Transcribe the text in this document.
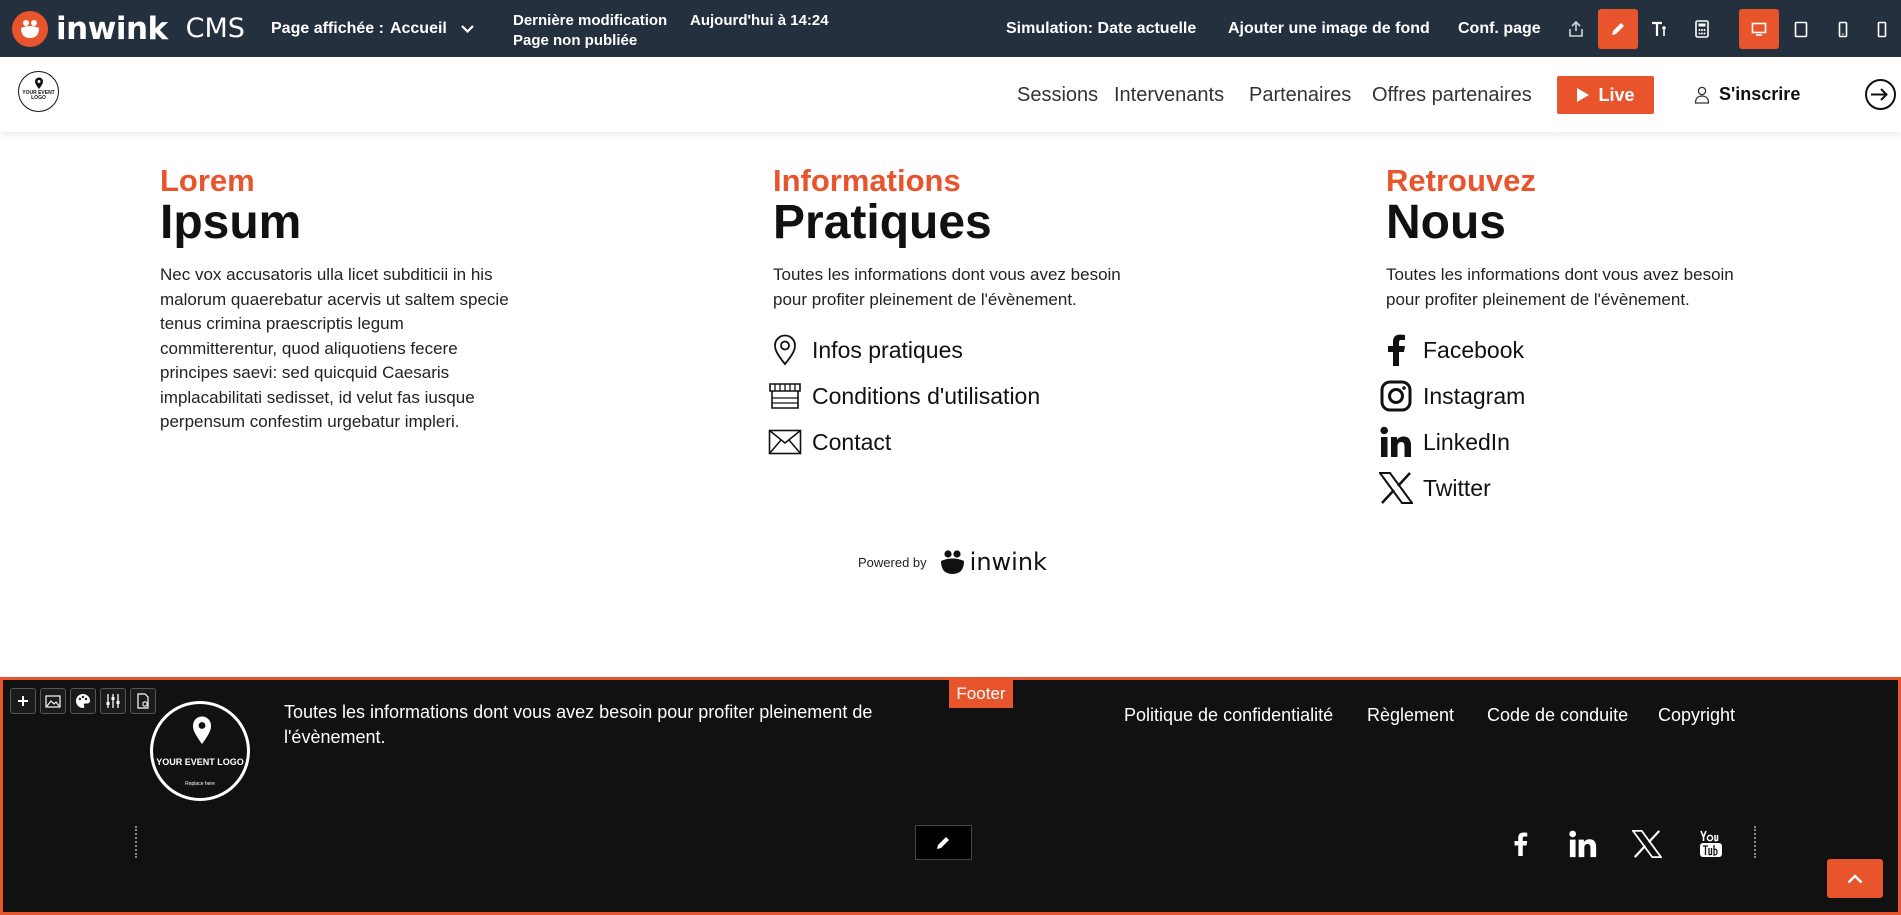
inwink CMS Page affichée : Accueil	Dernière modification Aujourd'hui à 14:24
Page non publiée
Simulation: Date actuelle Ajouter une image de fond Conf. page
YOUR EVENT LOGO	Sessions Intervenants Partenaires Offres partenaires	Live	S'inscrire
Lorem
Ipsum
Nec vox accusatoris ulla licet subditicii in his malorum quaerebatur acervis ut saltem specie tenus crimina praescriptis legum committerentur, quod aliquotiens fecere principes saevi: sed quicquid Caesaris implacabilitati sedisset, id velut fas iusque perpensum confestim urgebatur impleri.
Informations
Pratiques
Toutes les informations dont vous avez besoin pour profiter pleinement de l'évènement.
Infos pratiques
Conditions d'utilisation
Contact
Retrouvez
Nous
Toutes les informations dont vous avez besoin pour profiter pleinement de l'évènement.
Facebook
Instagram
LinkedIn
Twitter
Powered by inwink
Footer
YOUR EVENT LOGO
Replace here
Toutes les informations dont vous avez besoin pour profiter pleinement de l'évènement.
Politique de confidentialité Règlement Code de conduite Copyright
